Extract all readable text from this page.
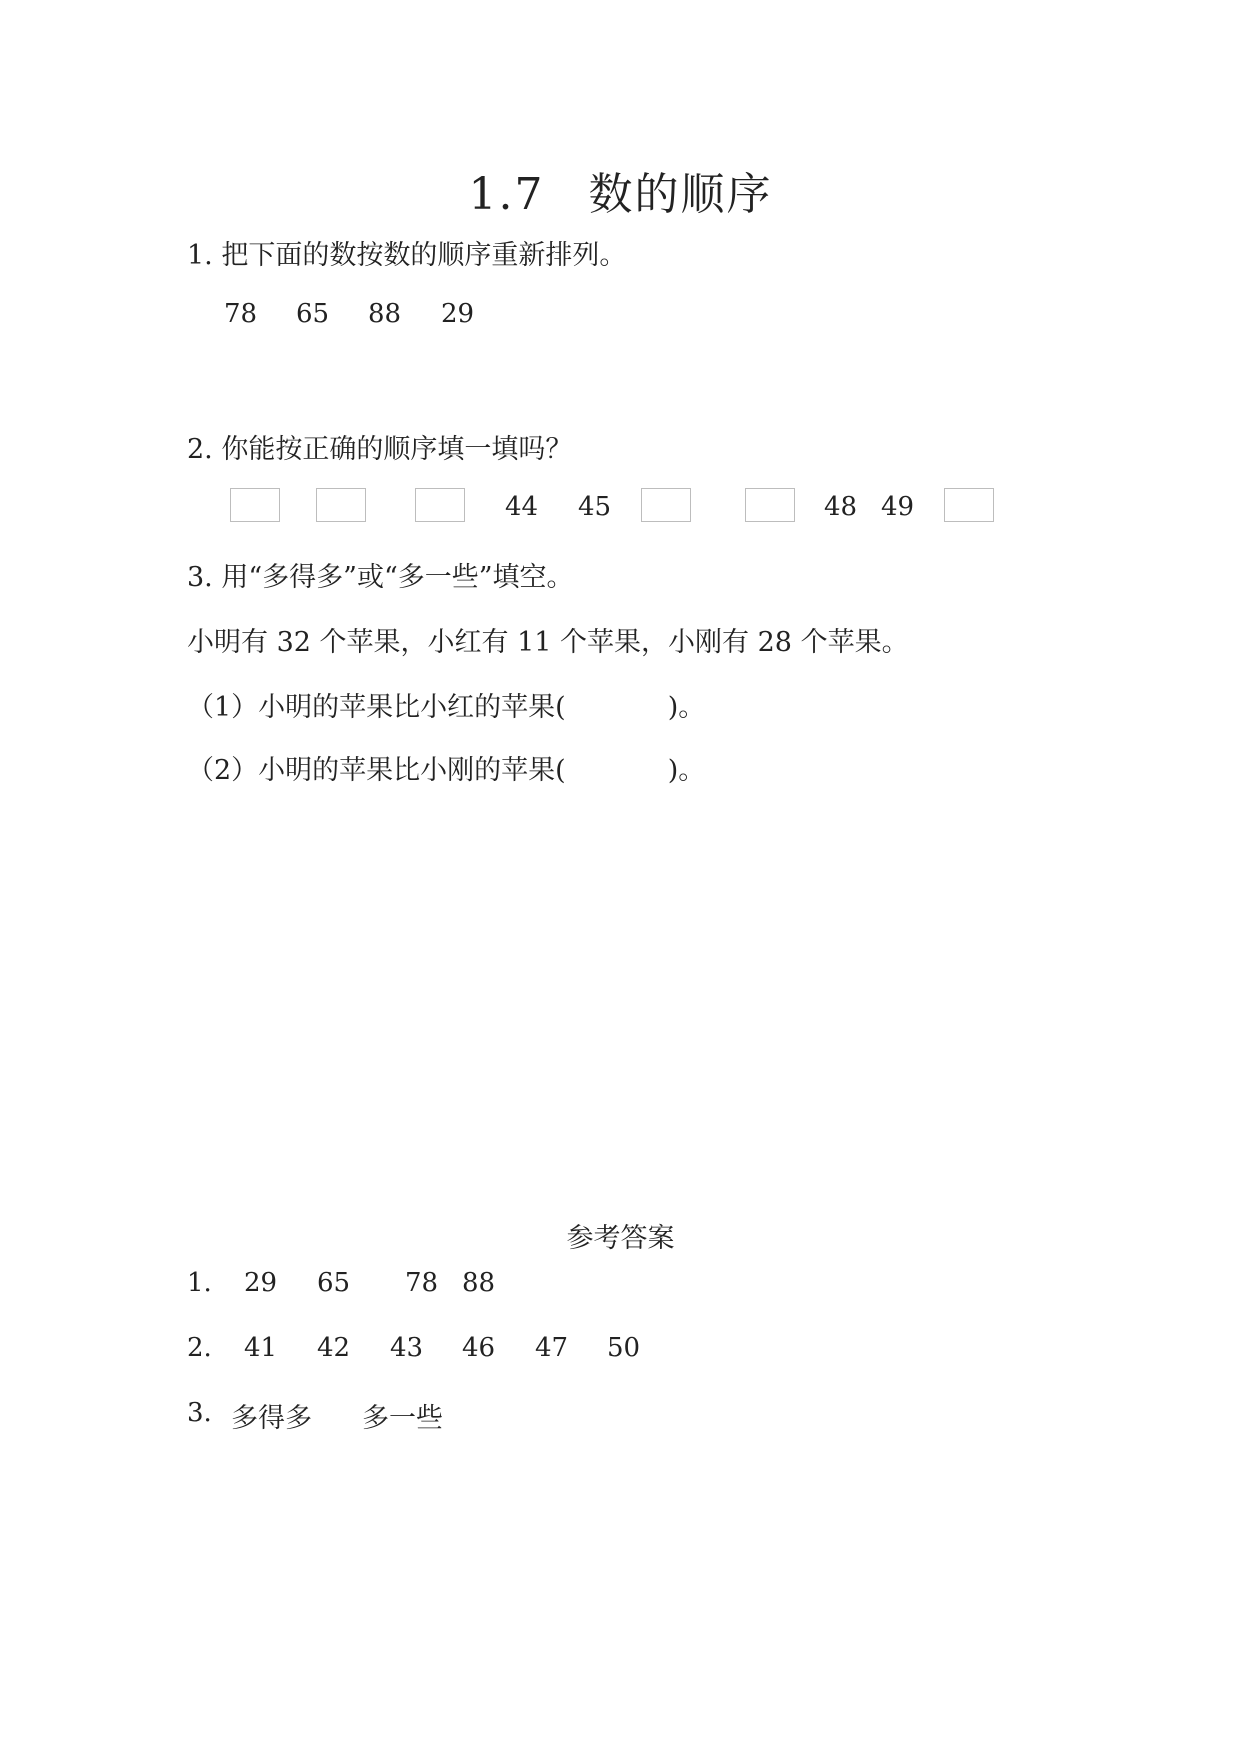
1.7 数的顺序
1. 把下面的数按数的顺序重新排列。
78 65 88 29
2. 你能按正确的顺序填一填吗？
44 45	48 49
3. 用“多得多”或“多一些”填空。
小明有 32 个苹果，小红有 11 个苹果，小刚有 28 个苹果。
（1）小明的苹果比小红的苹果(	)。
（2）小明的苹果比小刚的苹果(	)。
参考答案
1. 29 65 78 88
2. 41 42 43 46 47 50
3. 多得多 多一些
